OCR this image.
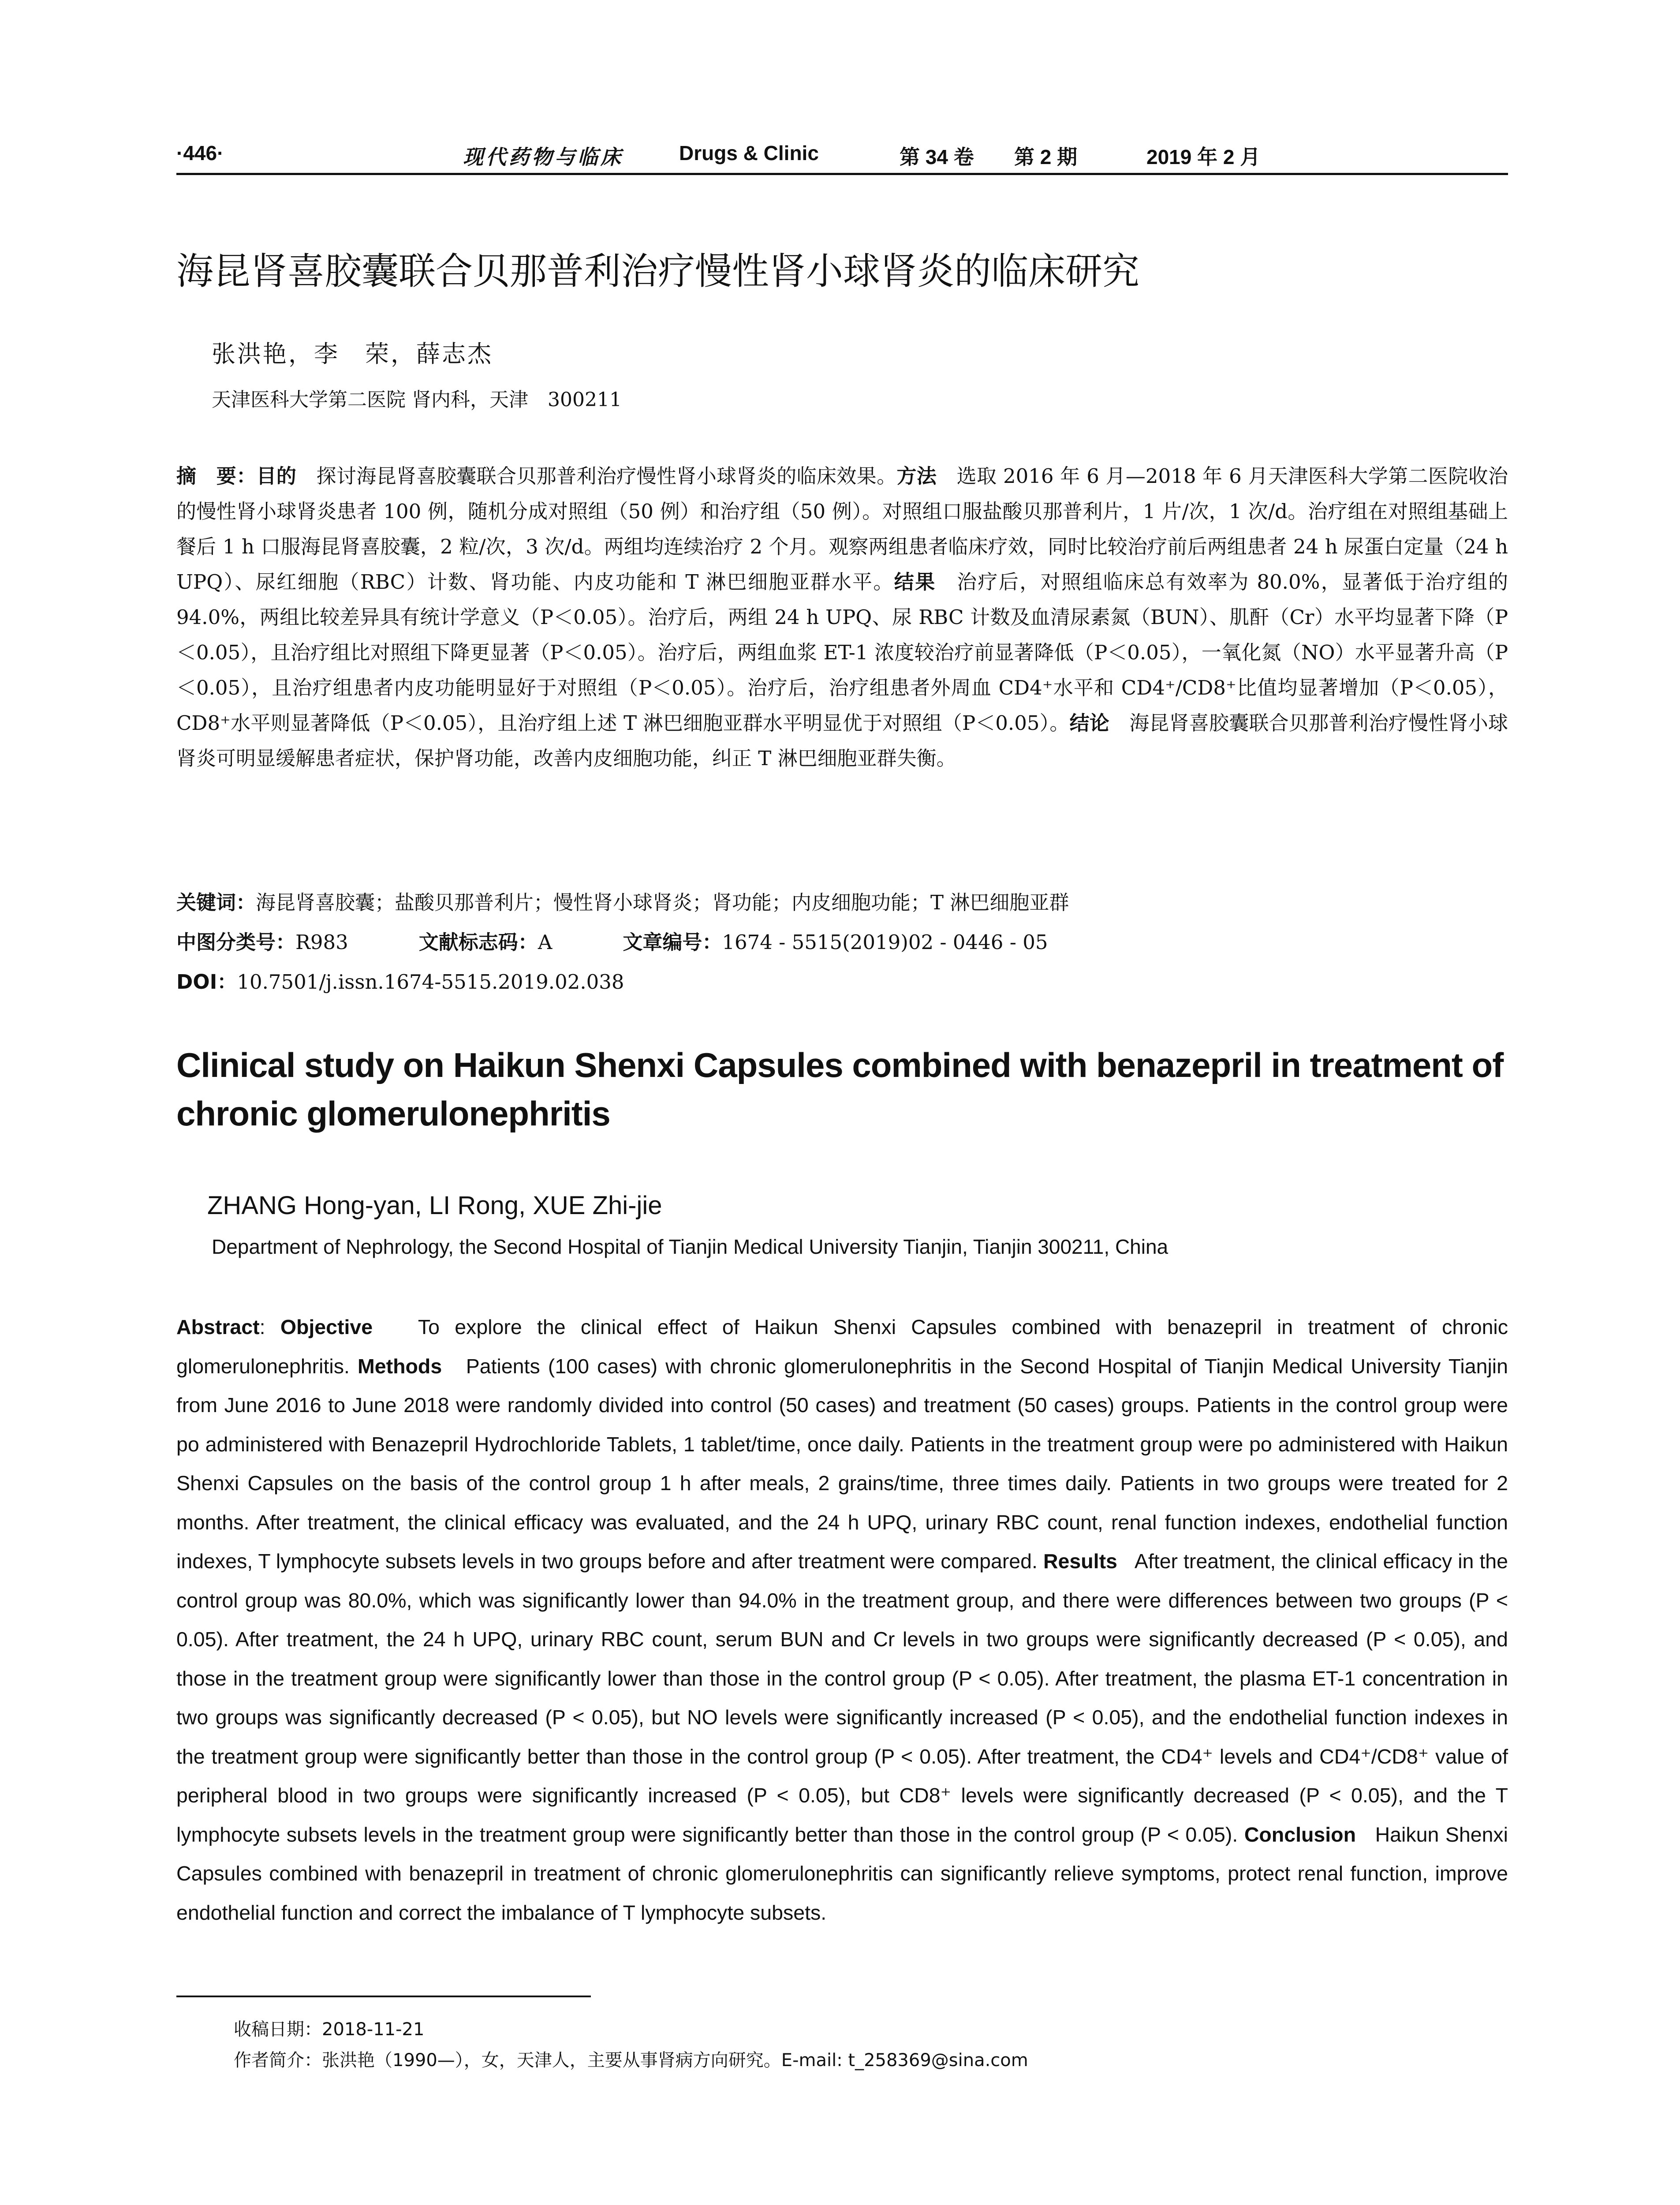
·446·	现代药物与临床	Drugs & Clinic	第 34 卷 第 2 期	2019 年 2 月
海昆肾喜胶囊联合贝那普利治疗慢性肾小球肾炎的临床研究
张洪艳，李　荣，薛志杰
天津医科大学第二医院 肾内科，天津　300211
摘　要：目的　探讨海昆肾喜胶囊联合贝那普利治疗慢性肾小球肾炎的临床效果。方法　选取 2016 年 6 月—2018 年 6 月天津医科大学第二医院收治的慢性肾小球肾炎患者 100 例，随机分成对照组（50 例）和治疗组（50 例）。对照组口服盐酸贝那普利片，1 片/次，1 次/d。治疗组在对照组基础上餐后 1 h 口服海昆肾喜胶囊，2 粒/次，3 次/d。两组均连续治疗 2 个月。观察两组患者临床疗效，同时比较治疗前后两组患者 24 h 尿蛋白定量（24 h UPQ）、尿红细胞（RBC）计数、肾功能、内皮功能和 T 淋巴细胞亚群水平。结果　治疗后，对照组临床总有效率为 80.0%，显著低于治疗组的 94.0%，两组比较差异具有统计学意义（P＜0.05）。治疗后，两组 24 h UPQ、尿 RBC 计数及血清尿素氮（BUN）、肌酐（Cr）水平均显著下降（P＜0.05），且治疗组比对照组下降更显著（P＜0.05）。治疗后，两组血浆 ET-1 浓度较治疗前显著降低（P＜0.05），一氧化氮（NO）水平显著升高（P＜0.05），且治疗组患者内皮功能明显好于对照组（P＜0.05）。治疗后，治疗组患者外周血 CD4⁺水平和 CD4⁺/CD8⁺比值均显著增加（P＜0.05），CD8⁺水平则显著降低（P＜0.05），且治疗组上述 T 淋巴细胞亚群水平明显优于对照组（P＜0.05）。结论　海昆肾喜胶囊联合贝那普利治疗慢性肾小球肾炎可明显缓解患者症状，保护肾功能，改善内皮细胞功能，纠正 T 淋巴细胞亚群失衡。
关键词：海昆肾喜胶囊；盐酸贝那普利片；慢性肾小球肾炎；肾功能；内皮细胞功能；T 淋巴细胞亚群
中图分类号：R983	文献标志码：A	文章编号：1674 - 5515(2019)02 - 0446 - 05
DOI：10.7501/j.issn.1674-5515.2019.02.038
Clinical study on Haikun Shenxi Capsules combined with benazepril in treatment of chronic glomerulonephritis
ZHANG Hong-yan, LI Rong, XUE Zhi-jie
Department of Nephrology, the Second Hospital of Tianjin Medical University Tianjin, Tianjin 300211, China
Abstract: Objective To explore the clinical effect of Haikun Shenxi Capsules combined with benazepril in treatment of chronic glomerulonephritis. Methods Patients (100 cases) with chronic glomerulonephritis in the Second Hospital of Tianjin Medical University Tianjin from June 2016 to June 2018 were randomly divided into control (50 cases) and treatment (50 cases) groups. Patients in the control group were po administered with Benazepril Hydrochloride Tablets, 1 tablet/time, once daily. Patients in the treatment group were po administered with Haikun Shenxi Capsules on the basis of the control group 1 h after meals, 2 grains/time, three times daily. Patients in two groups were treated for 2 months. After treatment, the clinical efficacy was evaluated, and the 24 h UPQ, urinary RBC count, renal function indexes, endothelial function indexes, T lymphocyte subsets levels in two groups before and after treatment were compared. Results After treatment, the clinical efficacy in the control group was 80.0%, which was significantly lower than 94.0% in the treatment group, and there were differences between two groups (P < 0.05). After treatment, the 24 h UPQ, urinary RBC count, serum BUN and Cr levels in two groups were significantly decreased (P < 0.05), and those in the treatment group were significantly lower than those in the control group (P < 0.05). After treatment, the plasma ET-1 concentration in two groups was significantly decreased (P < 0.05), but NO levels were significantly increased (P < 0.05), and the endothelial function indexes in the treatment group were significantly better than those in the control group (P < 0.05). After treatment, the CD4⁺ levels and CD4⁺/CD8⁺ value of peripheral blood in two groups were significantly increased (P < 0.05), but CD8⁺ levels were significantly decreased (P < 0.05), and the T lymphocyte subsets levels in the treatment group were significantly better than those in the control group (P < 0.05). Conclusion Haikun Shenxi Capsules combined with benazepril in treatment of chronic glomerulonephritis can significantly relieve symptoms, protect renal function, improve endothelial function and correct the imbalance of T lymphocyte subsets.
收稿日期：2018-11-21
作者简介：张洪艳（1990—），女，天津人，主要从事肾病方向研究。E-mail: t_258369@sina.com
